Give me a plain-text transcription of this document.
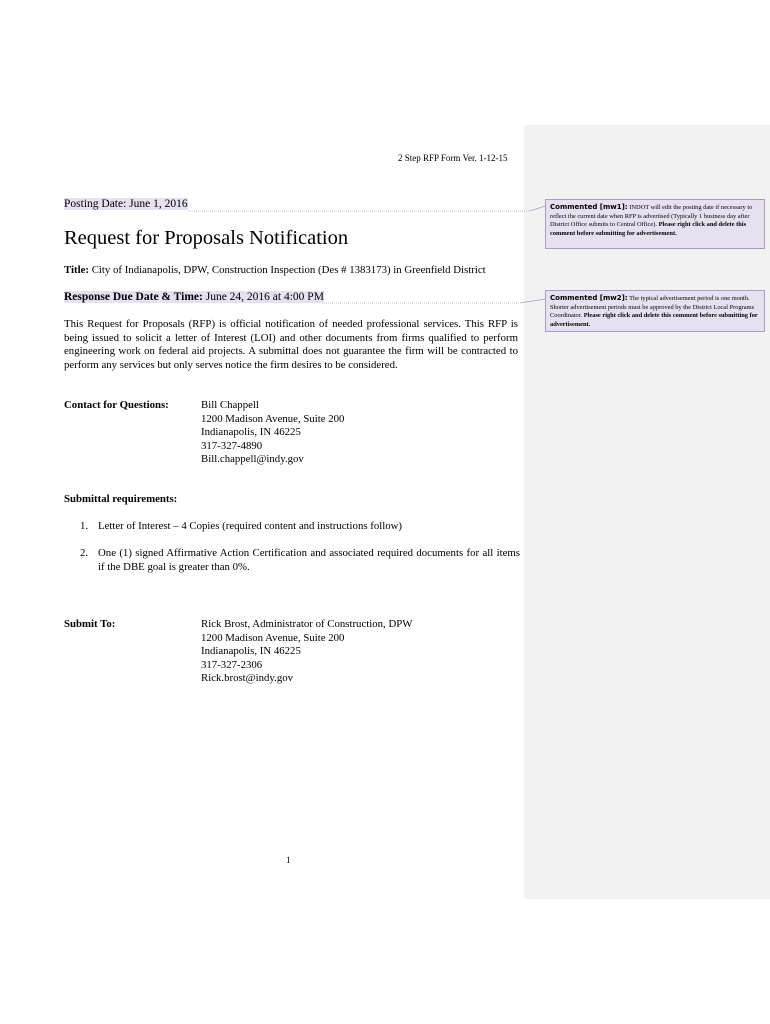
2 Step RFP Form Ver. 1-12-15
Posting Date: June 1, 2016
Request for Proposals Notification
Title: City of Indianapolis, DPW, Construction Inspection (Des # 1383173) in Greenfield District
Response Due Date & Time: June 24, 2016 at 4:00 PM
This Request for Proposals (RFP) is official notification of needed professional services. This RFP is being issued to solicit a letter of Interest (LOI) and other documents from firms qualified to perform engineering work on federal aid projects. A submittal does not guarantee the firm will be contracted to perform any services but only serves notice the firm desires to be considered.
Contact for Questions:	Bill Chappell
1200 Madison Avenue, Suite 200
Indianapolis, IN 46225
317-327-4890
Bill.chappell@indy.gov
Submittal requirements:
1. Letter of Interest – 4 Copies (required content and instructions follow)
2. One (1) signed Affirmative Action Certification and associated required documents for all items if the DBE goal is greater than 0%.
Submit To:	Rick Brost, Administrator of Construction, DPW
1200 Madison Avenue, Suite 200
Indianapolis, IN 46225
317-327-2306
Rick.brost@indy.gov
1
Commented [mw1]: INDOT will edit the posting date if necessary to reflect the current date when RFP is advertised (Typically 1 business day after District Office submits to Central Office). Please right click and delete this comment before submitting for advertisement.
Commented [mw2]: The typical advertisement period is one month. Shorter advertisement periods must be approved by the District Local Programs Coordinator. Please right click and delete this comment before submitting for advertisement.
